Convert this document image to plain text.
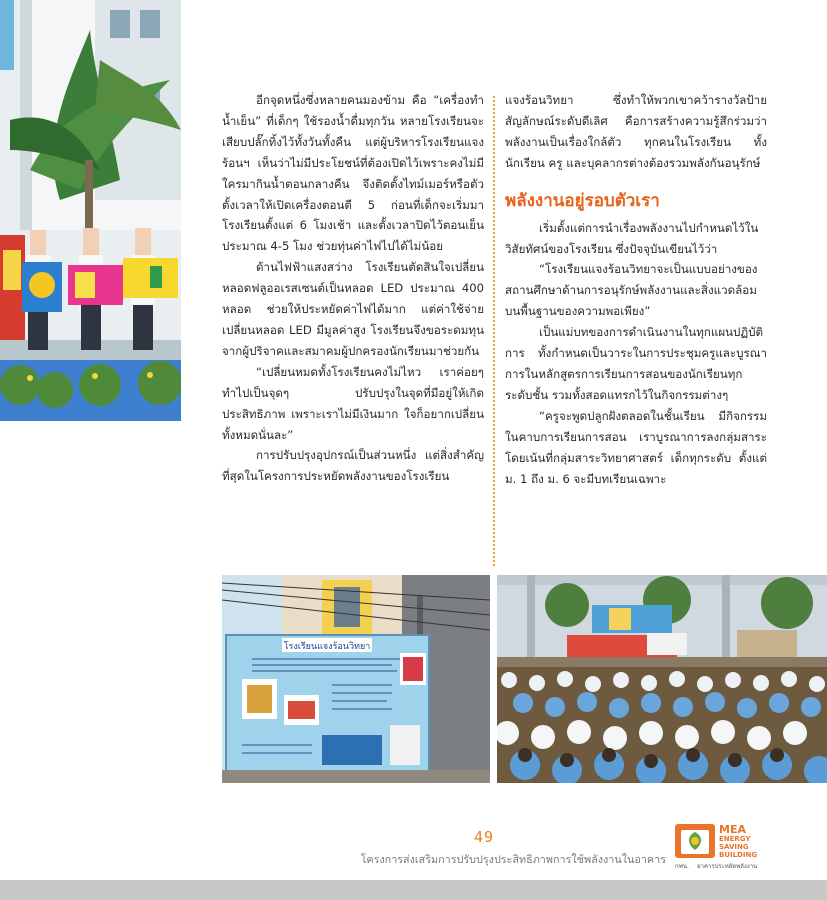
อีกจุดหนึ่งซึ่งหลายคนมองข้าม คือ “เครื่องทำน้ำเย็น” ที่เด็กๆ ใช้รองน้ำดื่มทุกวัน หลายโรงเรียนจะเสียบปลั๊กทิ้งไว้ทั้งวันทั้งคืน แต่ผู้บริหารโรงเรียนแจงร้อนฯ เห็นว่าไม่มีประโยชน์ที่ต้องเปิดไว้เพราะคงไม่มีใครมากินน้ำตอนกลางคืน จึงติดตั้งไทม์เมอร์หรือตัวตั้งเวลาให้เปิดเครื่องตอนตี 5 ก่อนที่เด็กจะเริ่มมาโรงเรียนตั้งแต่ 6 โมงเช้า และตั้งเวลาปิดไว้ตอนเย็นประมาณ 4-5 โมง ช่วยทุ่นค่าไฟไปได้ไม่น้อย

ด้านไฟฟ้าแสงสว่าง โรงเรียนตัดสินใจเปลี่ยนหลอดฟลูออเรสเซนต์เป็นหลอด LED ประมาณ 400 หลอด ช่วยให้ประหยัดค่าไฟได้มาก แต่ค่าใช้จ่ายเปลี่ยนหลอด LED มีมูลค่าสูง โรงเรียนจึงขอระดมทุนจากผู้ปริจาคและสมาคมผู้ปกครองนักเรียนมาช่วยกัน

“เปลี่ยนหมดทั้งโรงเรียนคงไม่ไหว เราค่อยๆ ทำไปเป็นจุดๆ ปรับปรุงในจุดที่มีอยู่ให้เกิดประสิทธิภาพ เพราะเราไม่มีเงินมาก ใจก็อยากเปลี่ยนทั้งหมดนั่นละ”

การปรับปรุงอุปกรณ์เป็นส่วนหนึ่ง แต่สิ่งสำคัญที่สุดในโครงการประหยัดพลังงานของโรงเรียน

แจงร้อนวิทยา ซึ่งทำให้พวกเขาคว้ารางวัลป้ายสัญลักษณ์ระดับดีเลิศ คือการสร้างความรู้สึกร่วมว่าพลังงานเป็นเรื่องใกล้ตัว ทุกคนในโรงเรียน ทั้งนักเรียน ครู และบุคลากรต่างต้องรวมพลังกันอนุรักษ์

พลังงานอยู่รอบตัวเรา

เริ่มตั้งแต่การนำเรื่องพลังงานไปกำหนดไว้ในวิสัยทัศน์ของโรงเรียน ซึ่งปัจจุบันเขียนไว้ว่า

“โรงเรียนแจงร้อนวิทยาจะเป็นแบบอย่างของสถานศึกษาด้านการอนุรักษ์พลังงานและสิ่งแวดล้อมบนพื้นฐานของความพอเพียง”

เป็นแม่บทของการดำเนินงานในทุกแผนปฏิบัติการ ทั้งกำหนดเป็นวาระในการประชุมครูและบูรณาการในหลักสูตรการเรียนการสอนของนักเรียนทุกระดับชั้น รวมทั้งสอดแทรกไว้ในกิจกรรมต่างๆ

“ครูจะพูดปลูกฝังตลอดในชั้นเรียน มีกิจกรรมในคาบการเรียนการสอน เราบูรณาการลงกลุ่มสาระ โดยเน้นที่กลุ่มสาระวิทยาศาสตร์ เด็กทุกระดับ ตั้งแต่ ม. 1 ถึง ม. 6 จะมีบทเรียนเฉพาะ

โรงเรียนแจงร้อนวิทยา
49
โครงการส่งเสริมการปรับปรุงประสิทธิภาพการใช้พลังงานในอาคาร
MEA
ENERGY
SAVING
BUILDING
กฟน. อาคารประหยัดพลังงาน
